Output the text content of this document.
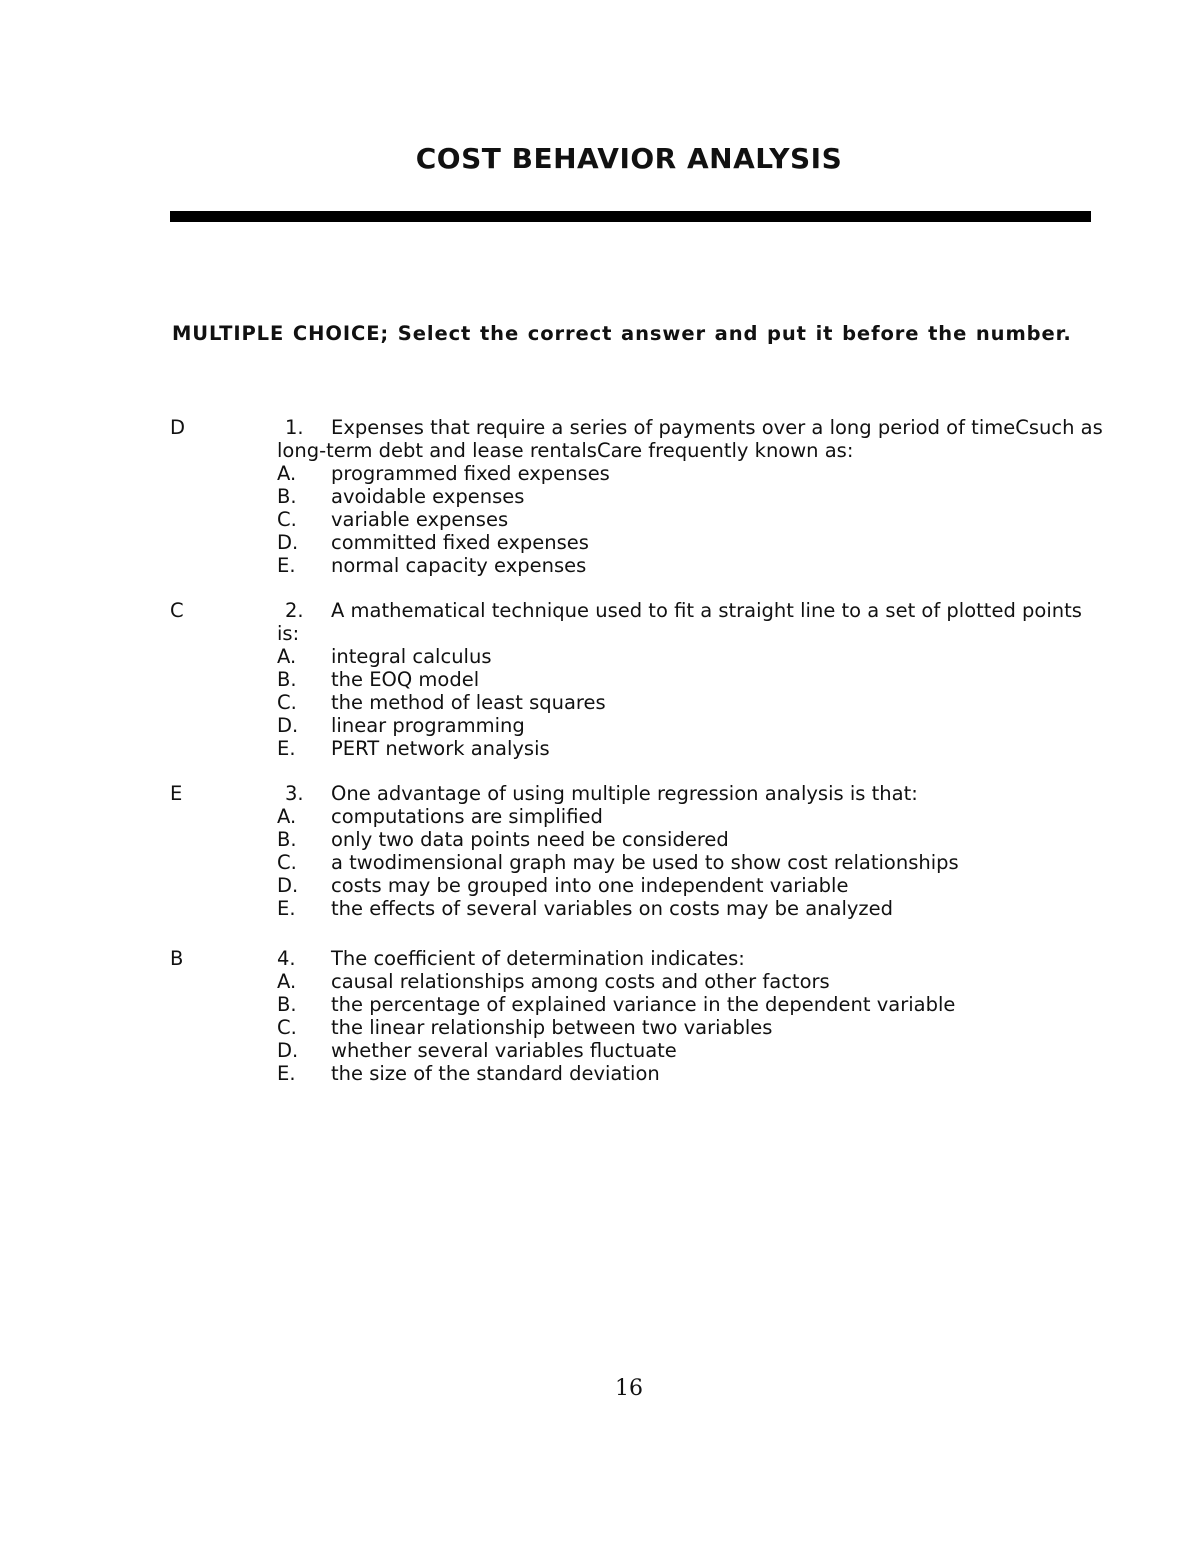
COST BEHAVIOR ANALYSIS
MULTIPLE CHOICE; Select the correct answer and put it before the number.
D	1. Expenses that require a series of payments over a long period of timeCsuch as long-term debt and lease rentalsCare frequently known as:
A. programmed fixed expenses
B. avoidable expenses
C. variable expenses
D. committed fixed expenses
E. normal capacity expenses
C	2. A mathematical technique used to fit a straight line to a set of plotted points is:
A. integral calculus
B. the EOQ model
C. the method of least squares
D. linear programming
E. PERT network analysis
E	3. One advantage of using multiple regression analysis is that:
A. computations are simplified
B. only two data points need be considered
C. a twodimensional graph may be used to show cost relationships
D. costs may be grouped into one independent variable
E. the effects of several variables on costs may be analyzed
B	4. The coefficient of determination indicates:
A. causal relationships among costs and other factors
B. the percentage of explained variance in the dependent variable
C. the linear relationship between two variables
D. whether several variables fluctuate
E. the size of the standard deviation
16
